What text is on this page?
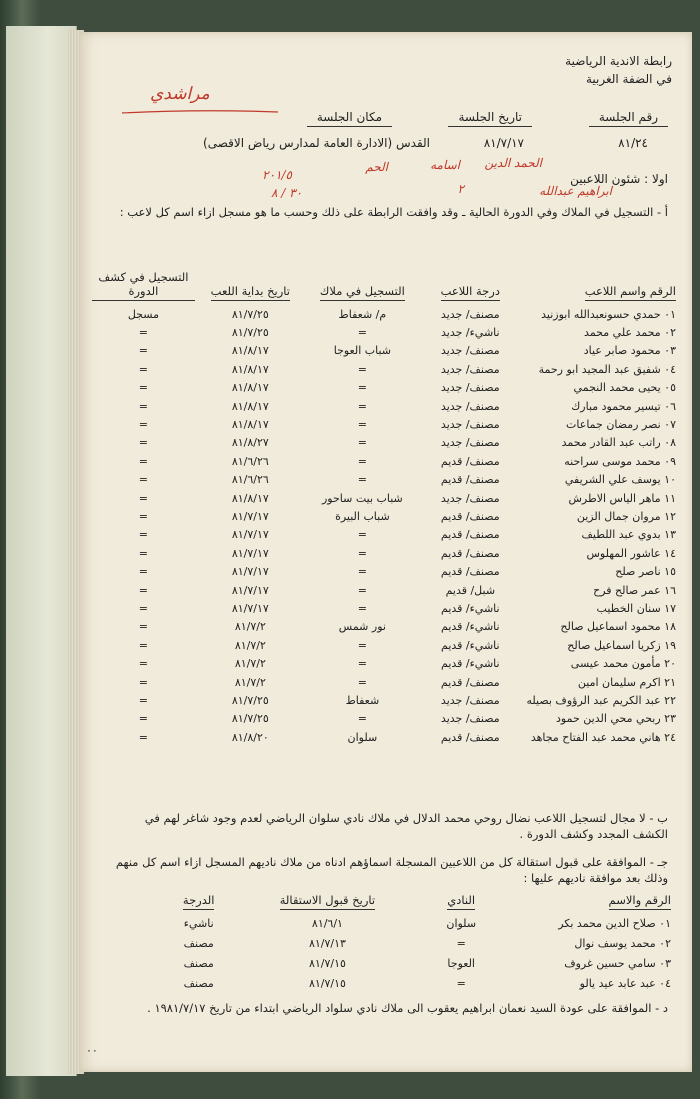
رابطة الاندية الرياضية
في الضفة الغربية
مراشدي
رقم الجلسة
تاريخ الجلسة
مكان الجلسة
٨١/٢٤
٨١/٧/١٧
القدس (الادارة العامة لمدارس رياض الاقصى)
الحمد الدين
اسامه
الحم
٢
٢٠١/٥
٣٠ / ٨	ابراهيم عبدالله
اولا : شئون اللاعبين
أ - التسجيل في الملاك وفي الدورة الحالية ـ وقد وافقت الرابطة على ذلك وحسب ما هو مسجل ازاء اسم كل لاعب :
الرقم واسم اللاعب	درجة اللاعب	التسجيل في ملاك	تاريخ بداية اللعب	التسجيل في كشف الدورة
٠١ حمدي حسونعبدالله ابوزنيد	مصنف/ جديد	م/ شعفاط	٨١/٧/٢٥	مسجل
٠٢ محمد علي محمد	ناشيء/ جديد	=	٨١/٧/٢٥	=
٠٣ محمود صابر عياد	مصنف/ جديد	شباب العوجا	٨١/٨/١٧	=
٠٤ شفيق عبد المجيد ابو رحمة	مصنف/ جديد	=	٨١/٨/١٧	=
٠٥ يحيى محمد النجمي	مصنف/ جديد	=	٨١/٨/١٧	=
٠٦ تيسير محمود مبارك	مصنف/ جديد	=	٨١/٨/١٧	=
٠٧ نصر رمضان جماعات	مصنف/ جديد	=	٨١/٨/١٧	=
٠٨ راتب عبد القادر محمد	مصنف/ جديد	=	٨١/٨/٢٧	=
٠٩ محمد موسى سراحنه	مصنف/ قديم	=	٨١/٦/٢٦	=
١٠ يوسف علي الشريفي	مصنف/ قديم	=	٨١/٦/٢٦	=
١١ ماهر الياس الاطرش	مصنف/ جديد	شباب بيت ساحور	٨١/٨/١٧	=
١٢ مروان جمال الزين	مصنف/ قديم	شباب البيرة	٨١/٧/١٧	=
١٣ بدوي عبد اللطيف	مصنف/ قديم	=	٨١/٧/١٧	=
١٤ عاشور المهلوس	مصنف/ قديم	=	٨١/٧/١٧	=
١٥ ناصر صلح	مصنف/ قديم	=	٨١/٧/١٧	=
١٦ عمر صالح فرح	شبل/ قديم	=	٨١/٧/١٧	=
١٧ سنان الخطيب	ناشيء/ قديم	=	٨١/٧/١٧	=
١٨ محمود اسماعيل صالح	ناشيء/ قديم	نور شمس	٨١/٧/٢	=
١٩ زكريا اسماعيل صالح	ناشيء/ قديم	=	٨١/٧/٢	=
٢٠ مأمون محمد عيسى	ناشيء/ قديم	=	٨١/٧/٢	=
٢١ اكرم سليمان امين	مصنف/ قديم	=	٨١/٧/٢	=
٢٢ عبد الكريم عبد الرؤوف بصيله	مصنف/ جديد	شعفاط	٨١/٧/٢٥	=
٢٣ ربحي محي الدين حمود	مصنف/ جديد	=	٨١/٧/٢٥	=
٢٤ هاني محمد عبد الفتاح مجاهد	مصنف/ قديم	سلوان	٨١/٨/٢٠	=
ب - لا مجال لتسجيل اللاعب نضال روحي محمد الدلال في ملاك نادي سلوان الرياضي لعدم وجود شاغر لهم في الكشف المجدد وكشف الدورة .
جـ - الموافقة على قبول استقالة كل من اللاعبين المسجلة اسماؤهم ادناه من ملاك ناديهم المسجل ازاء اسم كل منهم وذلك بعد موافقة ناديهم عليها :
الرقم والاسم	النادي	تاريخ قبول الاستقالة	الدرجة
٠١ صلاح الدين محمد بكر	سلوان	٨١/٦/١	ناشيء
٠٢ محمد يوسف نوال	=	٨١/٧/١٣	مصنف
٠٣ سامي حسين غروف	العوجا	٨١/٧/١٥	مصنف
٠٤ عبد عابد عيد يالو	=	٨١/٧/١٥	مصنف
د - الموافقة على عودة السيد نعمان ابراهيم يعقوب الى ملاك نادي سلواد الرياضي ابتداء من تاريخ ١٩٨١/٧/١٧ .
٠٠
